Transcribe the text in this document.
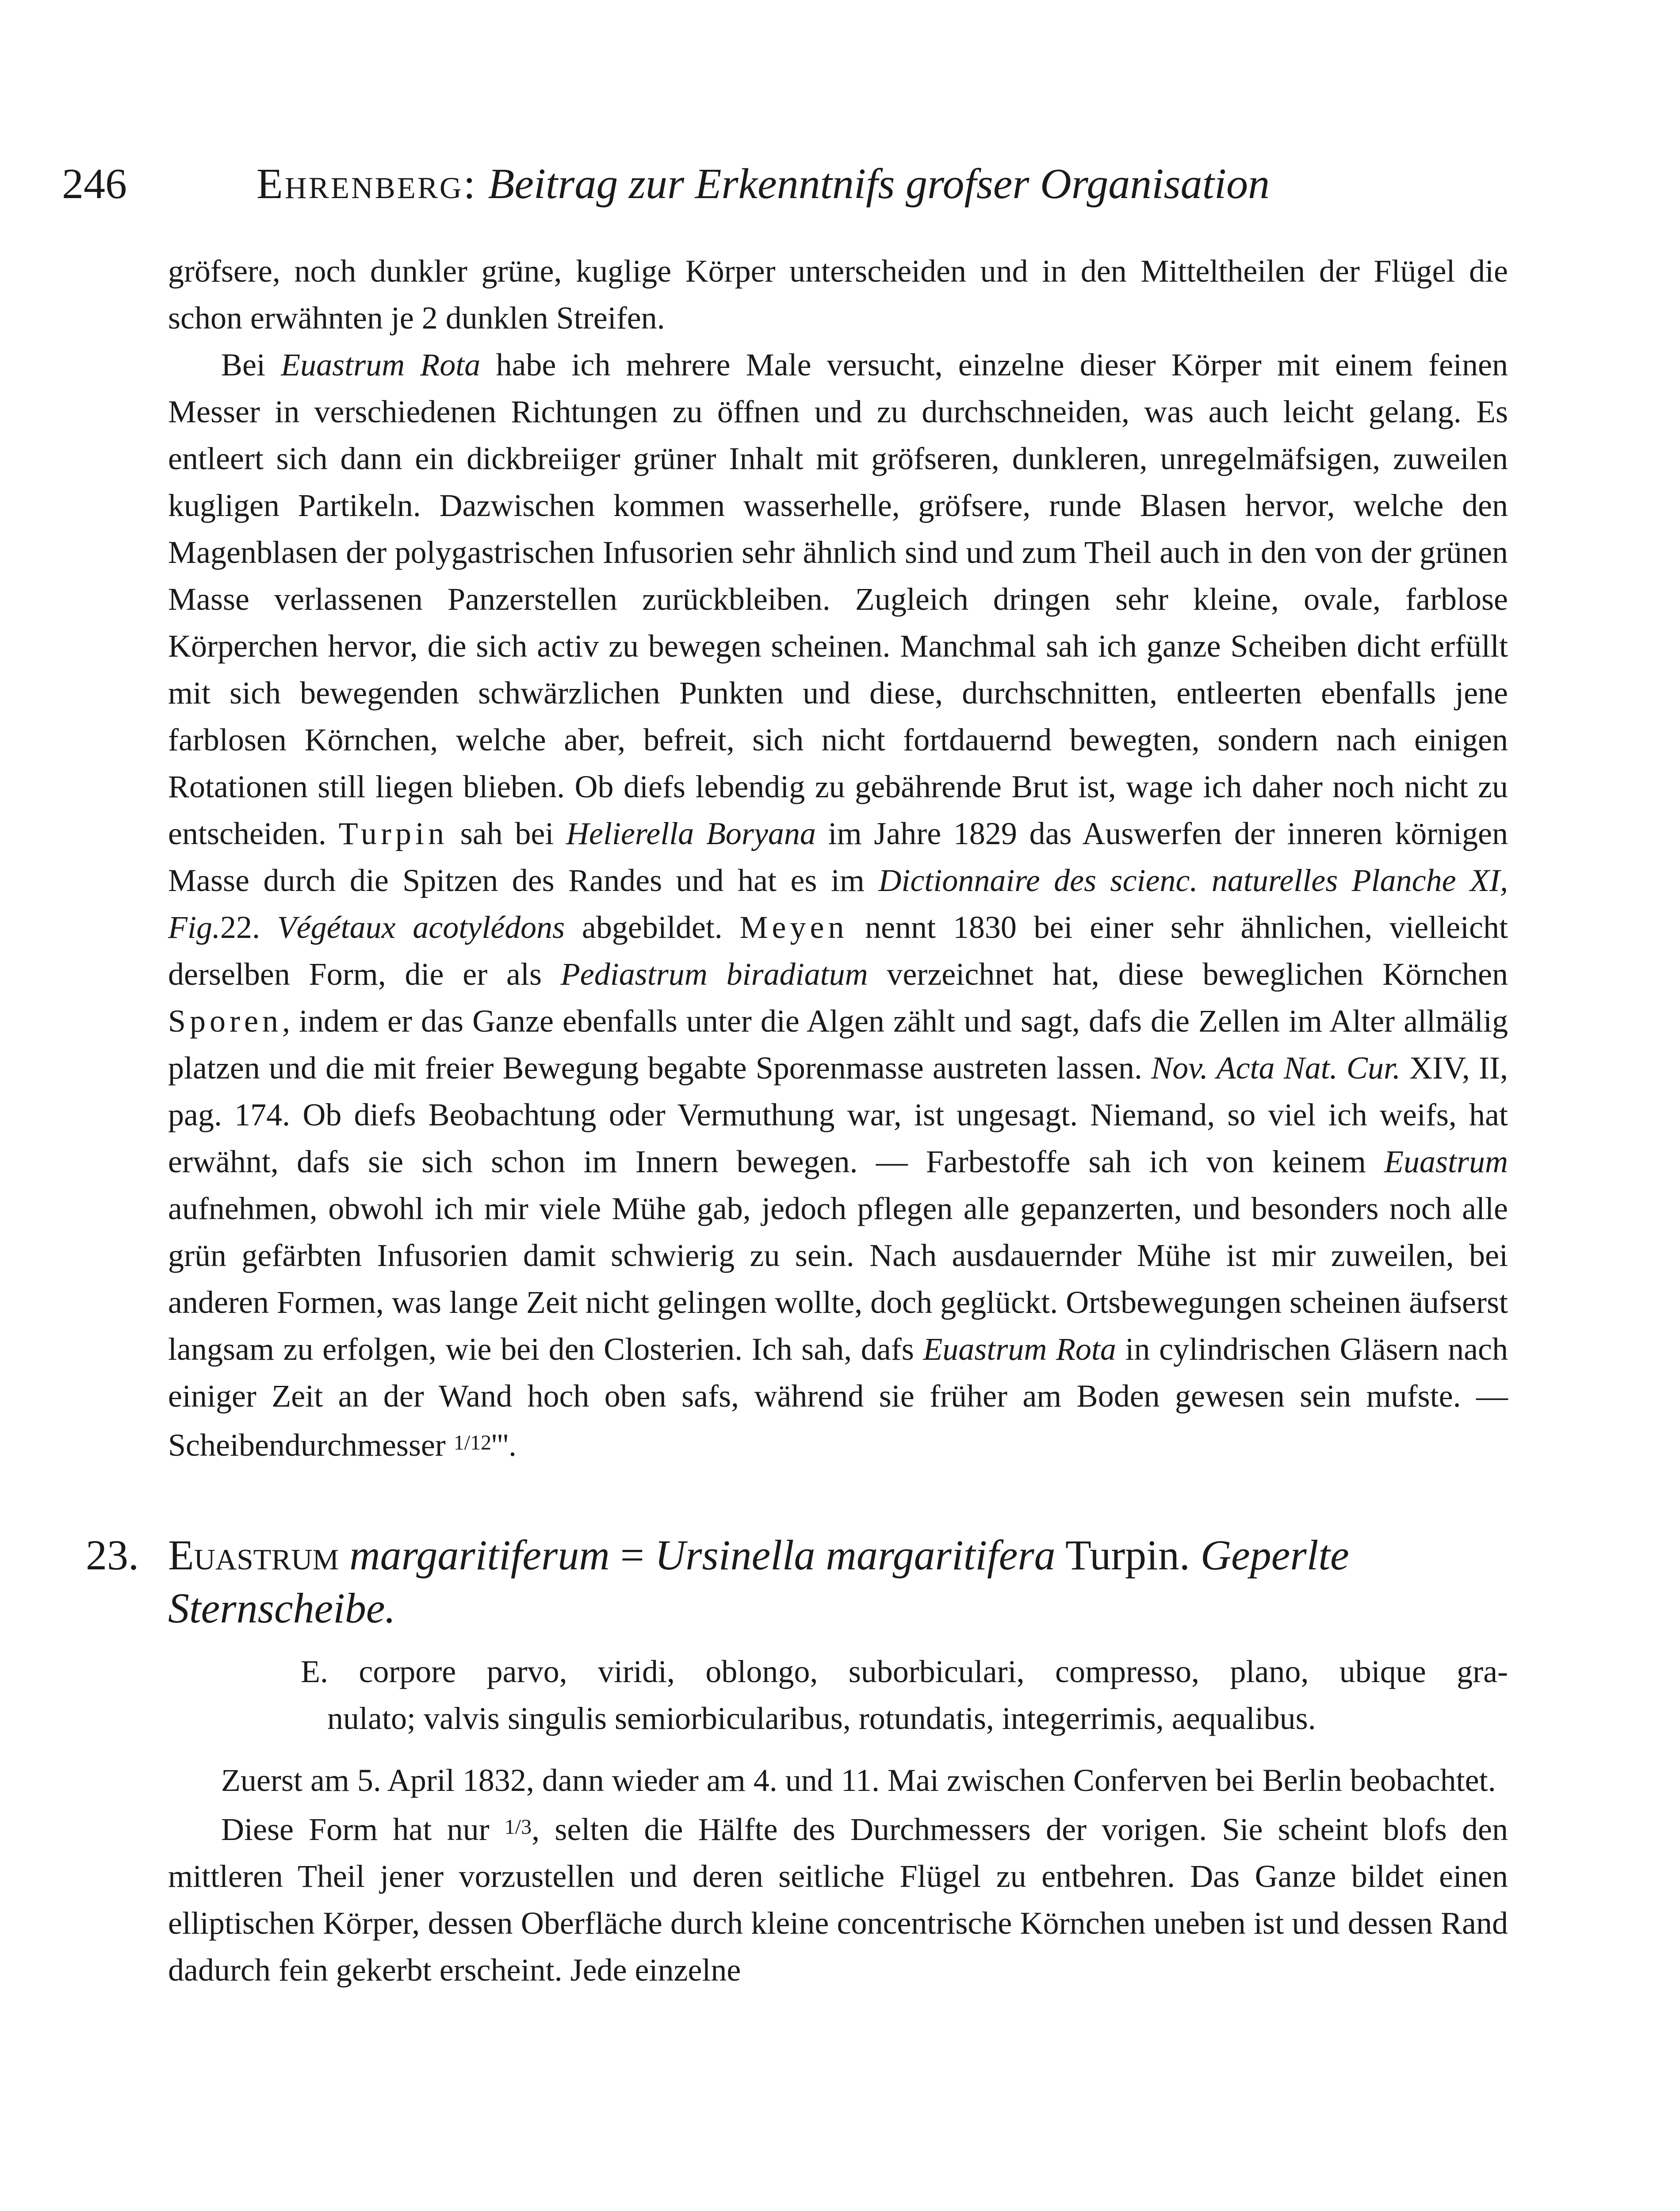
246	Ehrenberg: Beitrag zur Erkenntnifs grofser Organisation

gröfsere, noch dunkler grüne, kuglige Körper unterscheiden und in den Mitteltheilen der Flügel die schon erwähnten je 2 dunklen Streifen.

Bei Euastrum Rota habe ich mehrere Male versucht, einzelne dieser Körper mit einem feinen Messer in verschiedenen Richtungen zu öffnen und zu durchschneiden, was auch leicht gelang. Es entleert sich dann ein dickbreiiger grüner Inhalt mit gröfseren, dunkleren, unregelmäfsigen, zuweilen kugligen Partikeln. Dazwischen kommen wasserhelle, gröfsere, runde Blasen hervor, welche den Magenblasen der polygastrischen Infusorien sehr ähnlich sind und zum Theil auch in den von der grünen Masse verlassenen Panzerstellen zurückbleiben. Zugleich dringen sehr kleine, ovale, farblose Körperchen hervor, die sich activ zu bewegen scheinen. Manchmal sah ich ganze Scheiben dicht erfüllt mit sich bewegenden schwärzlichen Punkten und diese, durchschnitten, entleerten ebenfalls jene farblosen Körnchen, welche aber, befreit, sich nicht fortdauernd bewegten, sondern nach einigen Rotationen still liegen blieben. Ob diefs lebendig zu gebährende Brut ist, wage ich daher noch nicht zu entscheiden. Turpin sah bei Helierella Boryana im Jahre 1829 das Auswerfen der inneren körnigen Masse durch die Spitzen des Randes und hat es im Dictionnaire des scienc. naturelles Planche XI, Fig.22. Végétaux acotylédons abgebildet. Meyen nennt 1830 bei einer sehr ähnlichen, vielleicht derselben Form, die er als Pediastrum biradiatum verzeichnet hat, diese beweglichen Körnchen Sporen, indem er das Ganze ebenfalls unter die Algen zählt und sagt, dafs die Zellen im Alter allmälig platzen und die mit freier Bewegung begabte Sporenmasse austreten lassen. Nov. Acta Nat. Cur. XIV, II, pag. 174. Ob diefs Beobachtung oder Vermuthung war, ist ungesagt. Niemand, so viel ich weifs, hat erwähnt, dafs sie sich schon im Innern bewegen. — Farbestoffe sah ich von keinem Euastrum aufnehmen, obwohl ich mir viele Mühe gab, jedoch pflegen alle gepanzerten, und besonders noch alle grün gefärbten Infusorien damit schwierig zu sein. Nach ausdauernder Mühe ist mir zuweilen, bei anderen Formen, was lange Zeit nicht gelingen wollte, doch geglückt. Ortsbewegungen scheinen äufserst langsam zu erfolgen, wie bei den Closterien. Ich sah, dafs Euastrum Rota in cylindrischen Gläsern nach einiger Zeit an der Wand hoch oben safs, während sie früher am Boden gewesen sein mufste. — Scheibendurchmesser 1/12'''.

23. Euastrum margaritiferum = Ursinella margaritifera Turpin. Geperlte Sternscheibe.
E. corpore parvo, viridi, oblongo, suborbiculari, compresso, plano, ubique gra-
nulato; valvis singulis semiorbicularibus, rotundatis, integerrimis, aequalibus.

Zuerst am 5. April 1832, dann wieder am 4. und 11. Mai zwischen Conferven bei Berlin beobachtet.

Diese Form hat nur 1/3, selten die Hälfte des Durchmessers der vorigen. Sie scheint blofs den mittleren Theil jener vorzustellen und deren seitliche Flügel zu entbehren. Das Ganze bildet einen elliptischen Körper, dessen Oberfläche durch kleine concentrische Körnchen uneben ist und dessen Rand dadurch fein gekerbt erscheint. Jede einzelne
